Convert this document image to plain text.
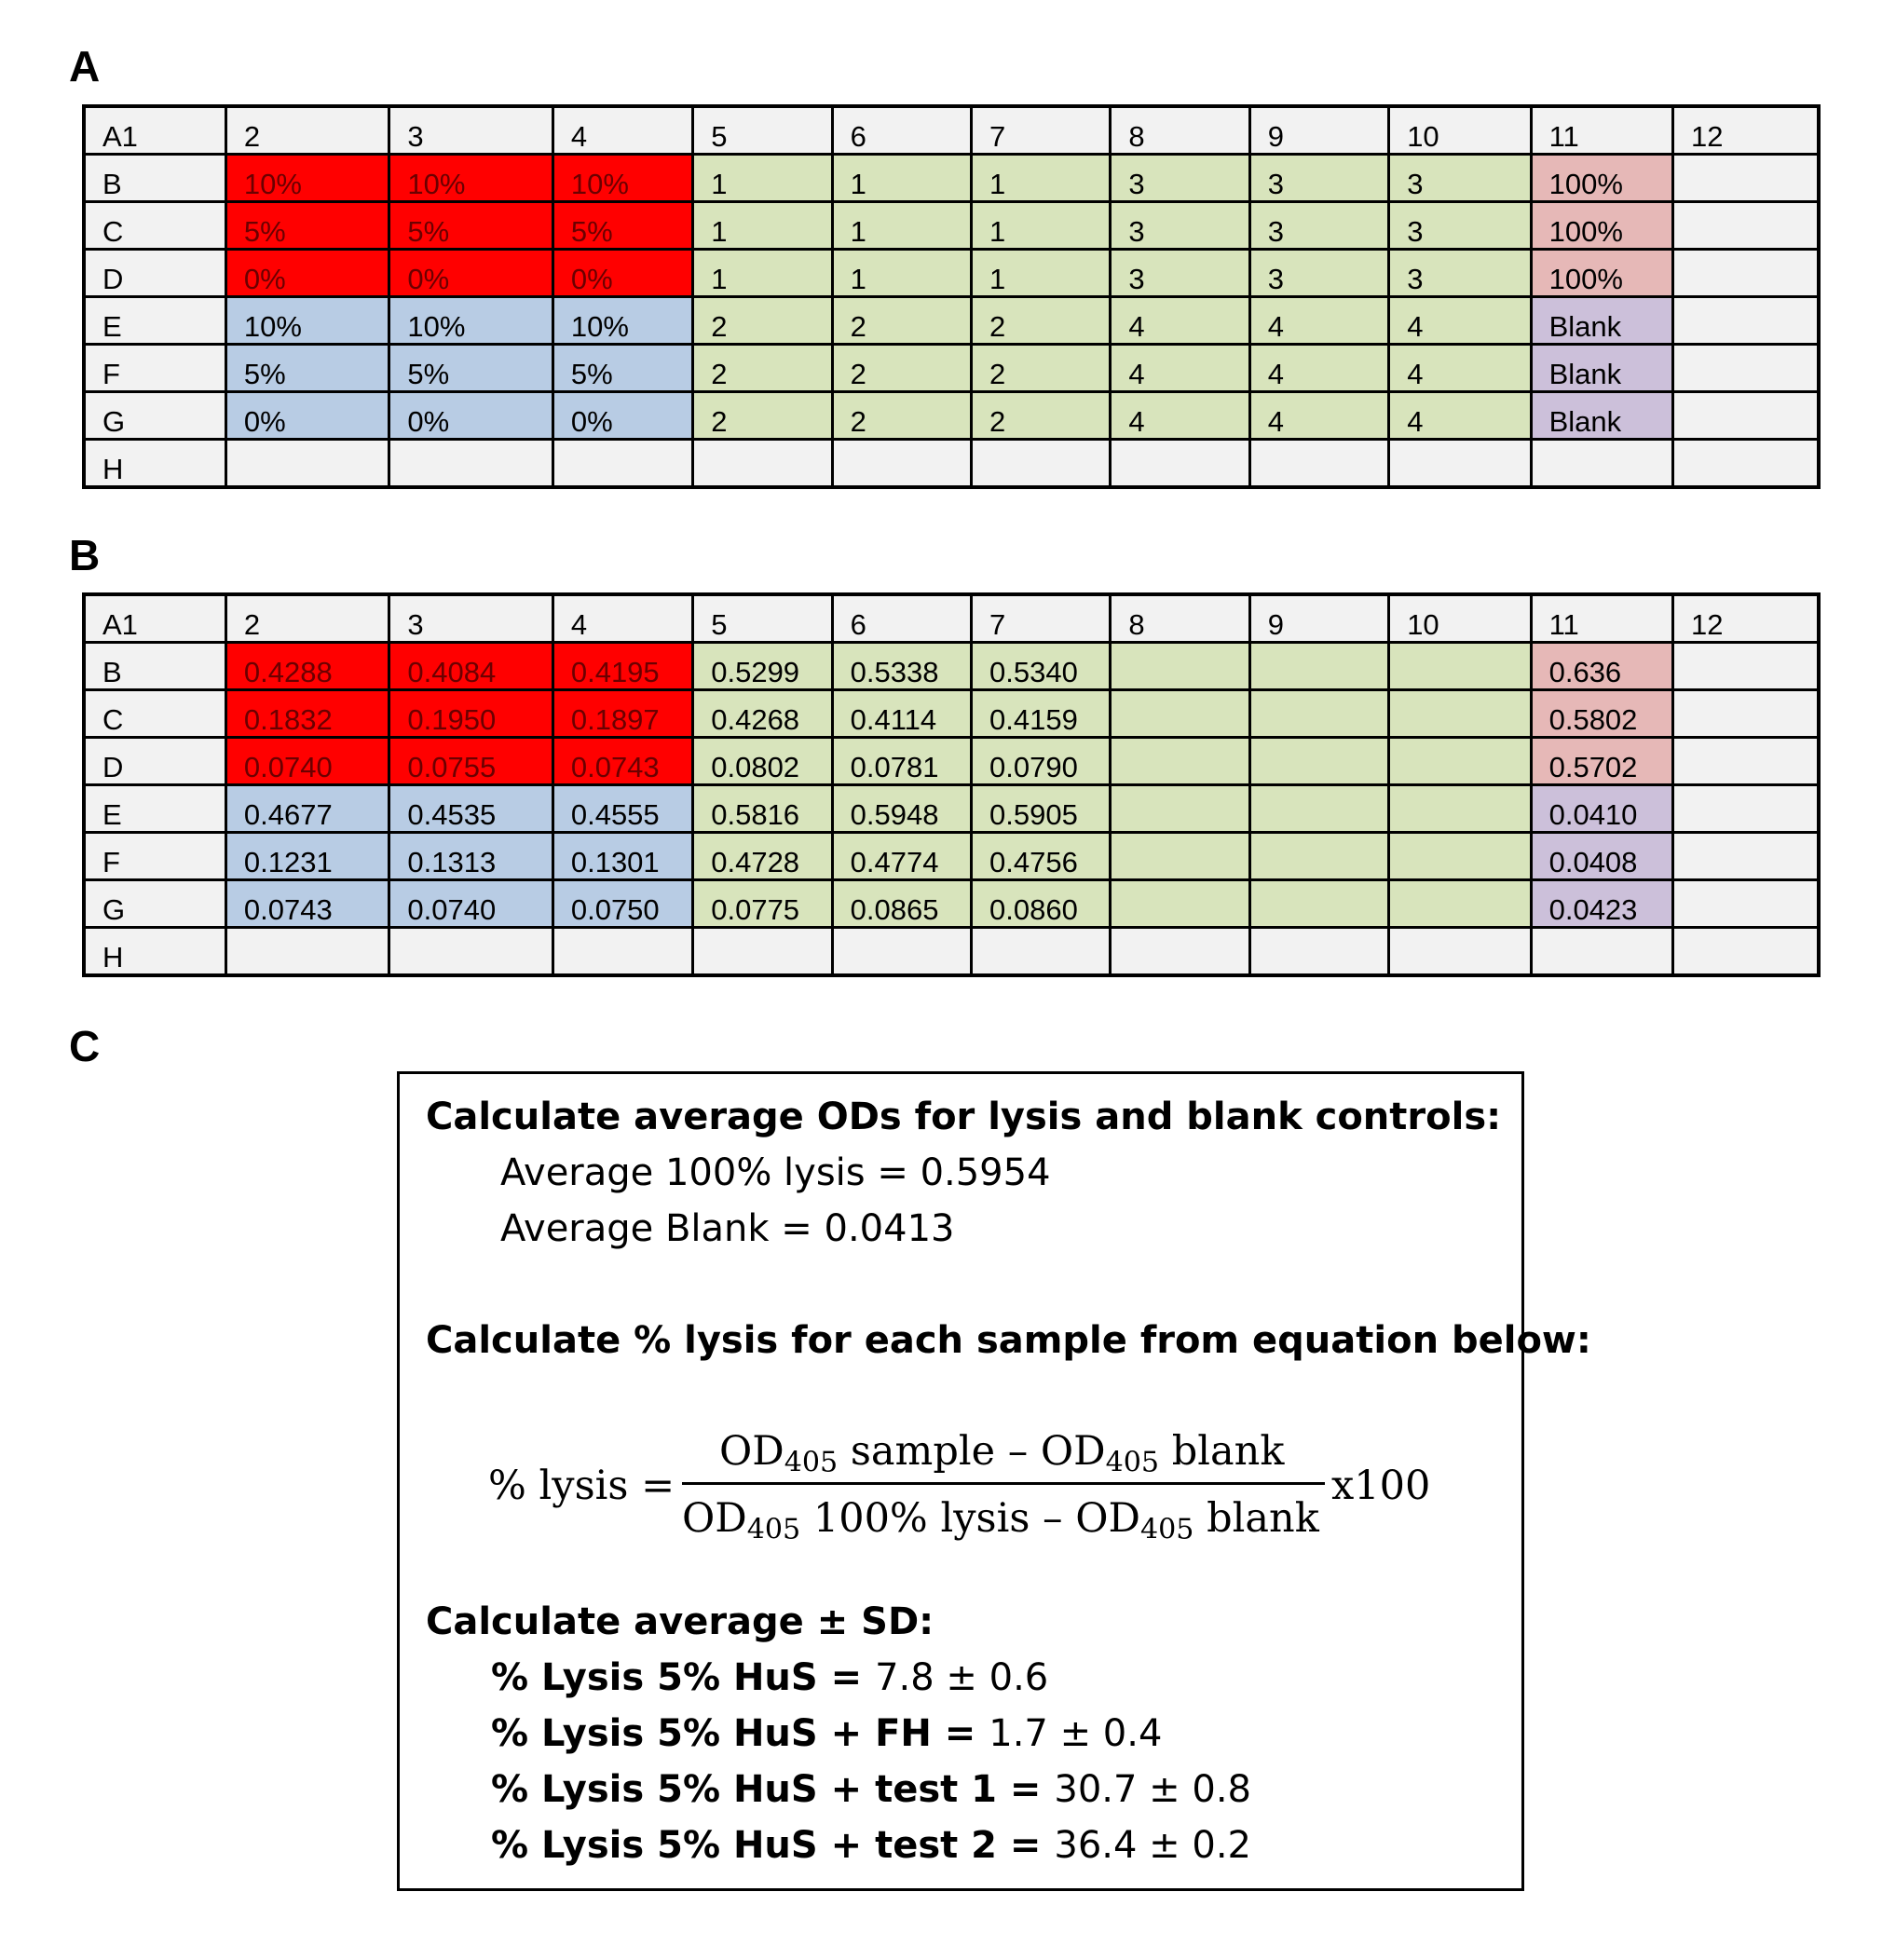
A
A1	2	3	4	5	6	7	8	9	10	11	12
B	10%	10%	10%	1	1	1	3	3	3	100%	
C	5%	5%	5%	1	1	1	3	3	3	100%	
D	0%	0%	0%	1	1	1	3	3	3	100%	
E	10%	10%	10%	2	2	2	4	4	4	Blank	
F	5%	5%	5%	2	2	2	4	4	4	Blank	
G	0%	0%	0%	2	2	2	4	4	4	Blank	
H											
B
A1	2	3	4	5	6	7	8	9	10	11	12
B	0.4288	0.4084	0.4195	0.5299	0.5338	0.5340				0.636	
C	0.1832	0.1950	0.1897	0.4268	0.4114	0.4159				0.5802	
D	0.0740	0.0755	0.0743	0.0802	0.0781	0.0790				0.5702	
E	0.4677	0.4535	0.4555	0.5816	0.5948	0.5905				0.0410	
F	0.1231	0.1313	0.1301	0.4728	0.4774	0.4756				0.0408	
G	0.0743	0.0740	0.0750	0.0775	0.0865	0.0860				0.0423	
H											
C
Calculate average ODs for lysis and blank controls:
Average 100% lysis = 0.5954
Average Blank = 0.0413
Calculate % lysis for each sample from equation below:
% lysis =
$OD_{405}$ sample – $OD_{405}$ blank
$OD_{405}$ 100% lysis – $OD_{405}$ blank
x100
Calculate average ± SD:
% Lysis 5% HuS = 7.8 ± 0.6
% Lysis 5% HuS + FH = 1.7 ± 0.4
% Lysis 5% HuS + test 1 = 30.7 ± 0.8
% Lysis 5% HuS + test 2 = 36.4 ± 0.2
